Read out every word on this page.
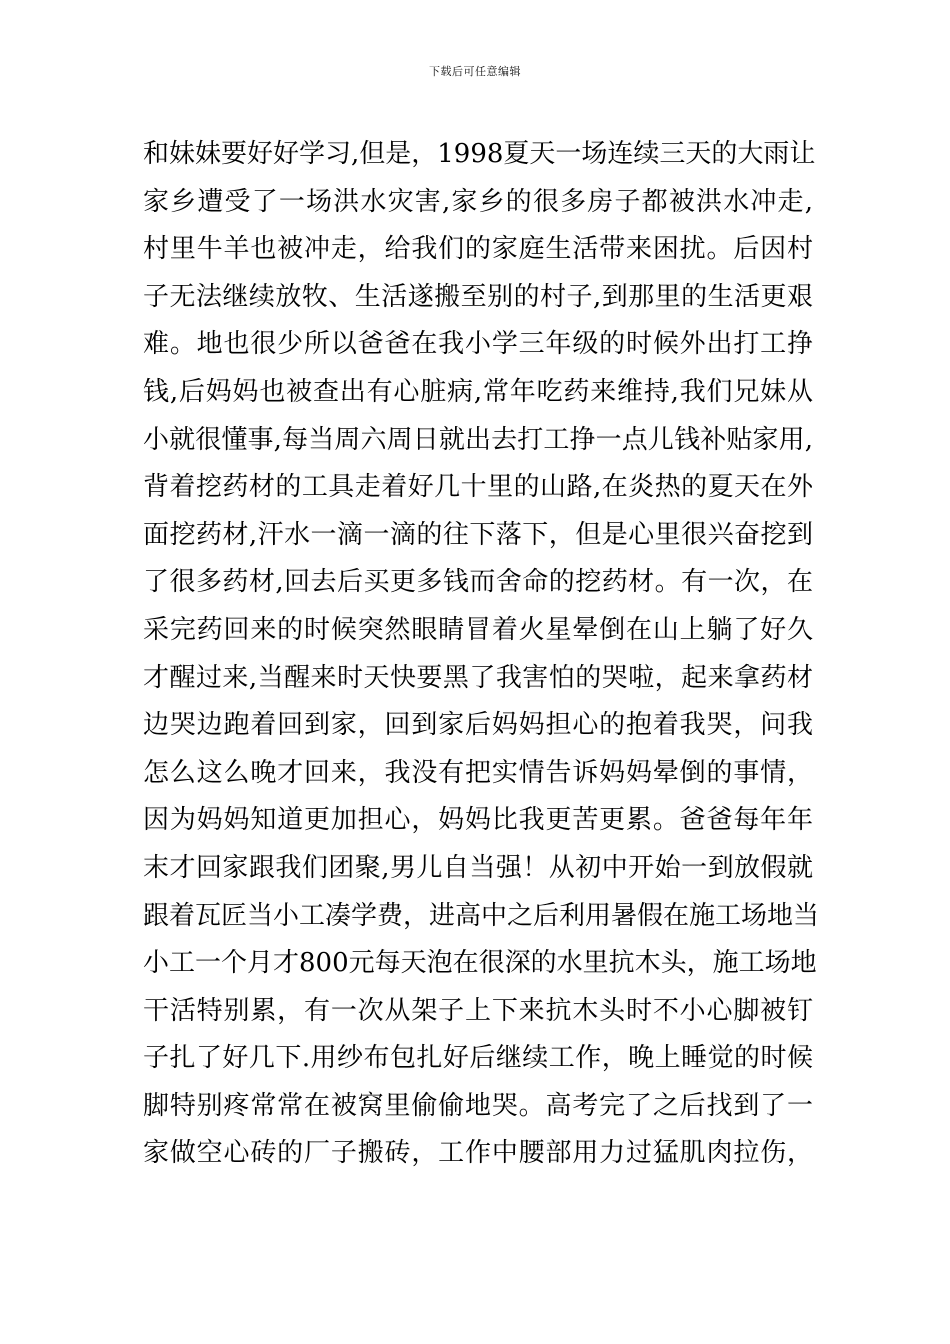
下载后可任意编辑
和妹妹要好好学习,但是，1998夏天一场连续三天的大雨让
家乡遭受了一场洪水灾害,家乡的很多房子都被洪水冲走,
村里牛羊也被冲走，给我们的家庭生活带来困扰。后因村
子无法继续放牧、生活遂搬至别的村子,到那里的生活更艰
难。地也很少所以爸爸在我小学三年级的时候外出打工挣
钱,后妈妈也被查出有心脏病,常年吃药来维持,我们兄妹从
小就很懂事,每当周六周日就出去打工挣一点儿钱补贴家用,
背着挖药材的工具走着好几十里的山路,在炎热的夏天在外
面挖药材,汗水一滴一滴的往下落下，但是心里很兴奋挖到
了很多药材,回去后买更多钱而舍命的挖药材。有一次，在
采完药回来的时候突然眼睛冒着火星晕倒在山上躺了好久
才醒过来,当醒来时天快要黑了我害怕的哭啦，起来拿药材
边哭边跑着回到家，回到家后妈妈担心的抱着我哭，问我
怎么这么晚才回来，我没有把实情告诉妈妈晕倒的事情，
因为妈妈知道更加担心，妈妈比我更苦更累。爸爸每年年
末才回家跟我们团聚,男儿自当强！从初中开始一到放假就
跟着瓦匠当小工凑学费，进高中之后利用暑假在施工场地当
小工一个月才800元每天泡在很深的水里抗木头，施工场地
干活特别累，有一次从架子上下来抗木头时不小心脚被钉
子扎了好几下.用纱布包扎好后继续工作，晚上睡觉的时候
脚特别疼常常在被窝里偷偷地哭。高考完了之后找到了一
家做空心砖的厂子搬砖，工作中腰部用力过猛肌肉拉伤，
